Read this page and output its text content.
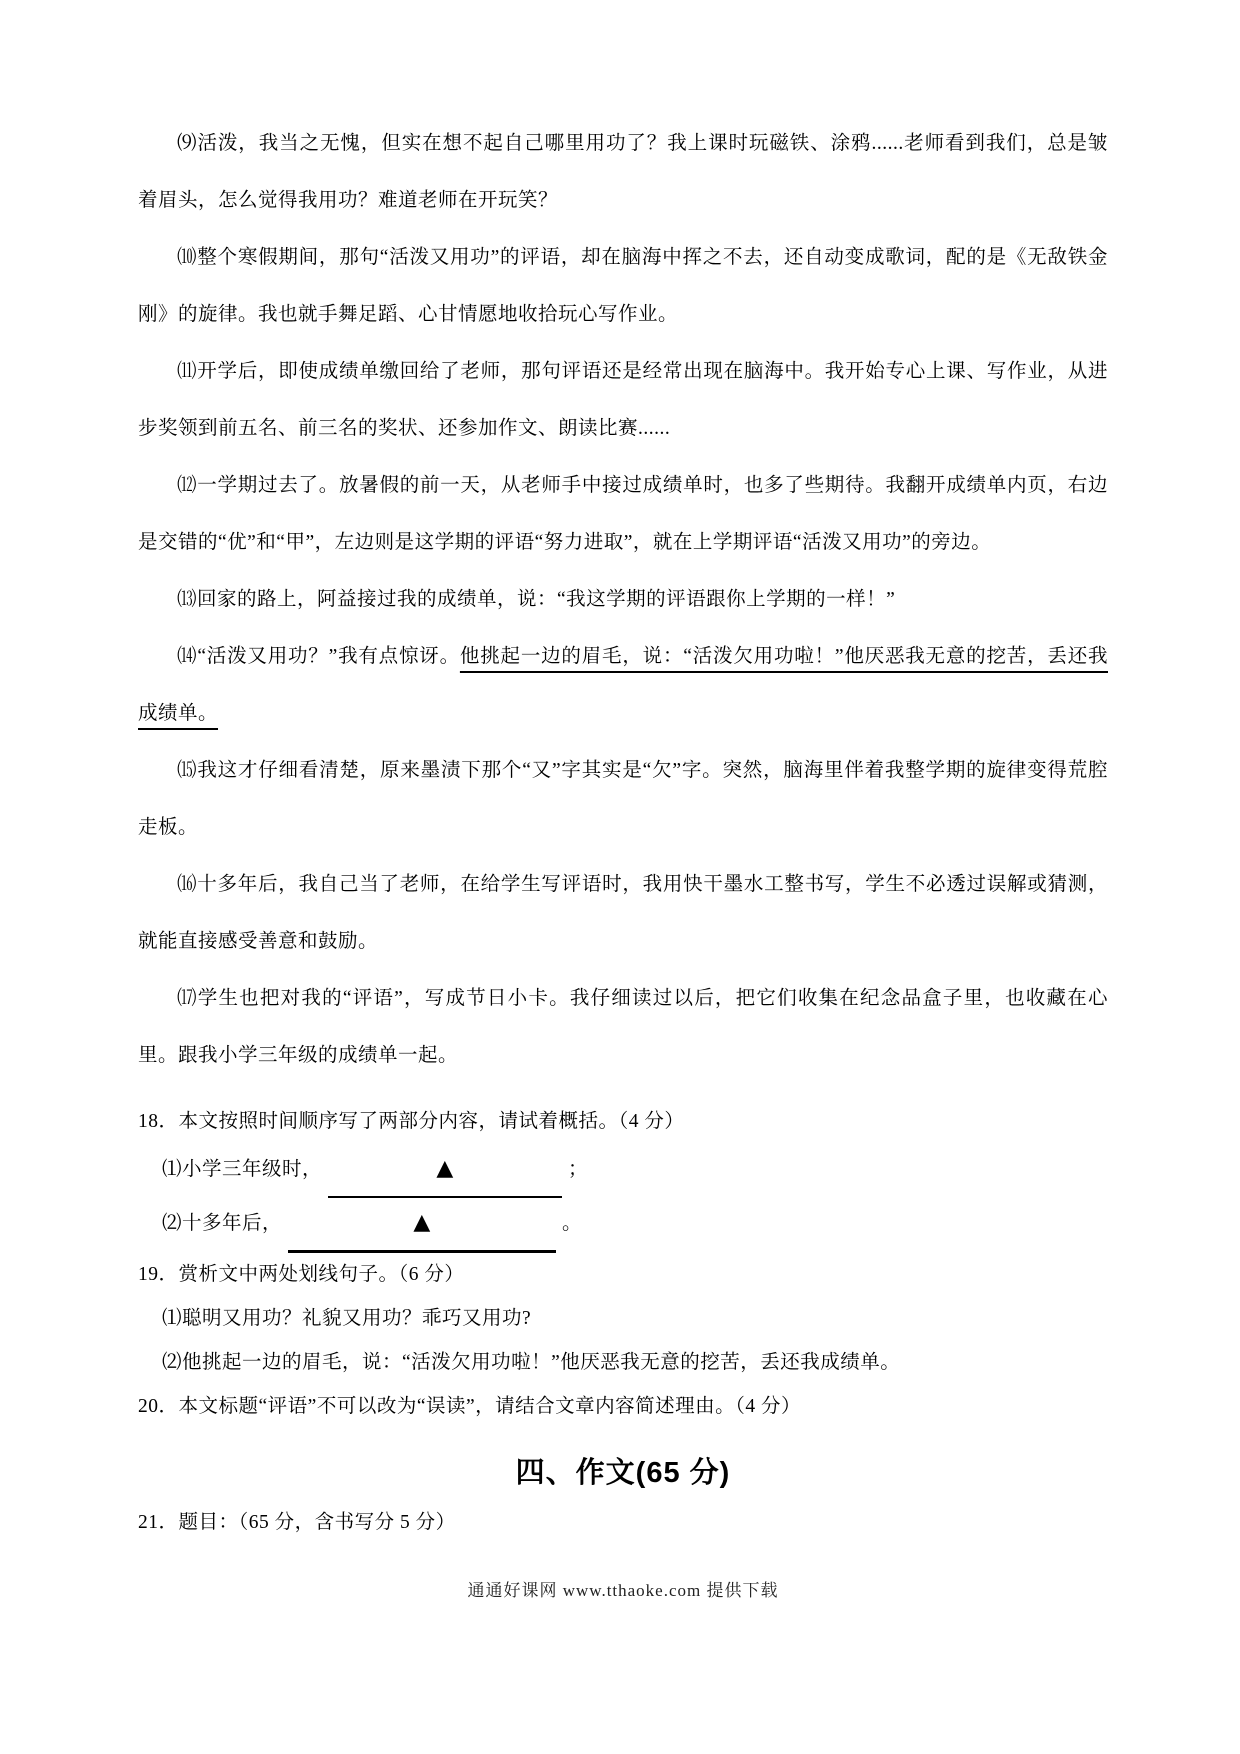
⑼活泼，我当之无愧，但实在想不起自己哪里用功了？我上课时玩磁铁、涂鸦......老师看到我们，总是皱着眉头，怎么觉得我用功？难道老师在开玩笑？

⑽整个寒假期间，那句“活泼又用功”的评语，却在脑海中挥之不去，还自动变成歌词，配的是《无敌铁金刚》的旋律。我也就手舞足蹈、心甘情愿地收拾玩心写作业。

⑾开学后，即使成绩单缴回给了老师，那句评语还是经常出现在脑海中。我开始专心上课、写作业，从进步奖领到前五名、前三名的奖状、还参加作文、朗读比赛......

⑿一学期过去了。放暑假的前一天，从老师手中接过成绩单时，也多了些期待。我翻开成绩单内页，右边是交错的“优”和“甲”，左边则是这学期的评语“努力进取”，就在上学期评语“活泼又用功”的旁边。

⒀回家的路上，阿益接过我的成绩单，说：“我这学期的评语跟你上学期的一样！”

⒁“活泼又用功？”我有点惊讶。他挑起一边的眉毛，说：“活泼欠用功啦！”他厌恶我无意的挖苦，丢还我成绩单。

⒂我这才仔细看清楚，原来墨渍下那个“又”字其实是“欠”字。突然，脑海里伴着我整学期的旋律变得荒腔走板。

⒃十多年后，我自己当了老师，在给学生写评语时，我用快干墨水工整书写，学生不必透过误解或猜测，就能直接感受善意和鼓励。

⒄学生也把对我的“评语”，写成节日小卡。我仔细读过以后，把它们收集在纪念品盒子里，也收藏在心里。跟我小学三年级的成绩单一起。

18．本文按照时间顺序写了两部分内容，请试着概括。（4 分）
⑴小学三年级时，	▲	；
⑵十多年后，	▲	。
19．赏析文中两处划线句子。（6 分）
⑴聪明又用功？礼貌又用功？乖巧又用功?
⑵他挑起一边的眉毛，说：“活泼欠用功啦！”他厌恶我无意的挖苦，丢还我成绩单。
20．本文标题“评语”不可以改为“误读”，请结合文章内容简述理由。（4 分）
四、作文(65 分)
21．题目：（65 分，含书写分 5 分）
通通好课网 www.tthaoke.com 提供下载
